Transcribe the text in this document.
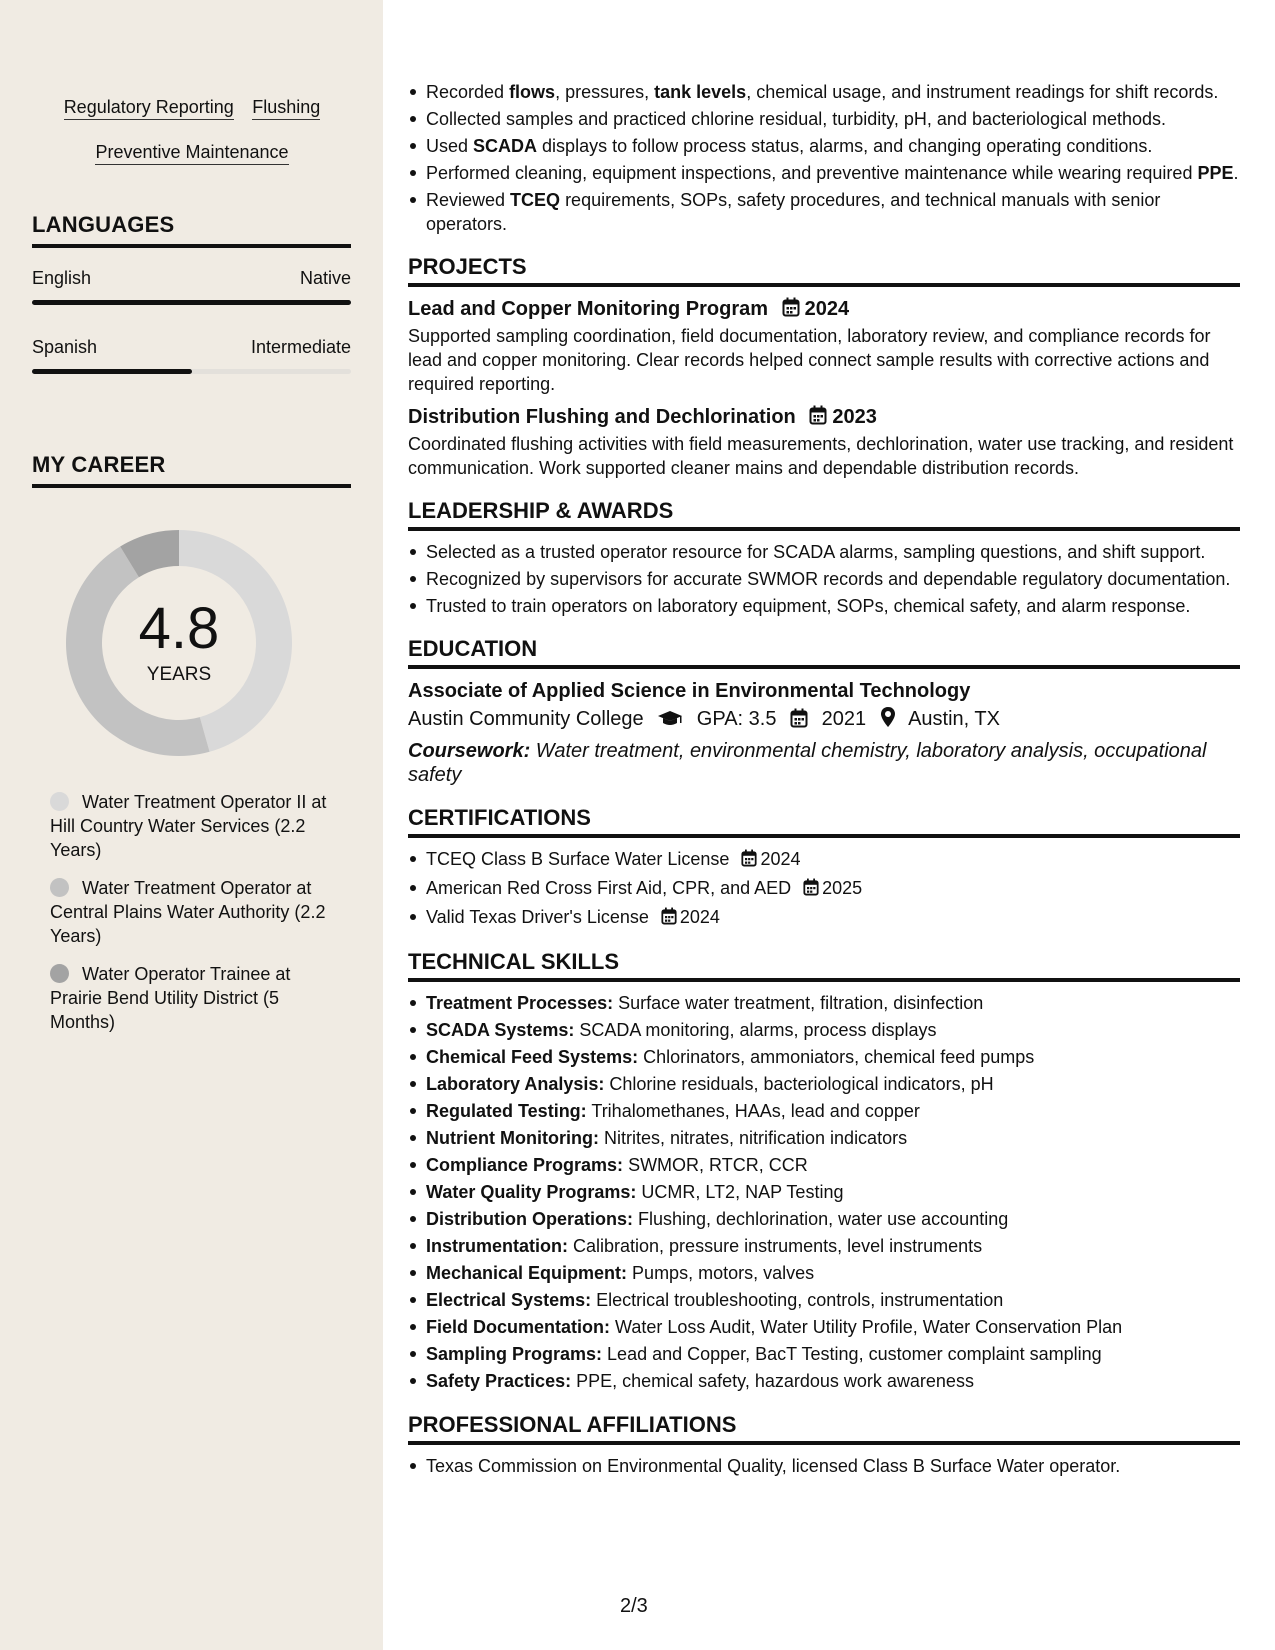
Regulatory Reporting Flushing
Preventive Maintenance
LANGUAGES
English	Native
Spanish	Intermediate
MY CAREER
4.8
YEARS
Water Treatment Operator II at Hill Country Water Services (2.2 Years)
Water Treatment Operator at Central Plains Water Authority (2.2 Years)
Water Operator Trainee at Prairie Bend Utility District (5 Months)
Recorded flows, pressures, tank levels, chemical usage, and instrument readings for shift records.
Collected samples and practiced chlorine residual, turbidity, pH, and bacteriological methods.
Used SCADA displays to follow process status, alarms, and changing operating conditions.
Performed cleaning, equipment inspections, and preventive maintenance while wearing required PPE.
Reviewed TCEQ requirements, SOPs, safety procedures, and technical manuals with senior operators.
PROJECTS
Lead and Copper Monitoring Program 2024
Supported sampling coordination, field documentation, laboratory review, and compliance records for lead and copper monitoring. Clear records helped connect sample results with corrective actions and required reporting.
Distribution Flushing and Dechlorination 2023
Coordinated flushing activities with field measurements, dechlorination, water use tracking, and resident communication. Work supported cleaner mains and dependable distribution records.
LEADERSHIP & AWARDS
Selected as a trusted operator resource for SCADA alarms, sampling questions, and shift support.
Recognized by supervisors for accurate SWMOR records and dependable regulatory documentation.
Trusted to train operators on laboratory equipment, SOPs, chemical safety, and alarm response.
EDUCATION
Associate of Applied Science in Environmental Technology
Austin Community College	GPA: 3.5 2021 Austin, TX
Coursework: Water treatment, environmental chemistry, laboratory analysis, occupational safety
CERTIFICATIONS
TCEQ Class B Surface Water License 2024
American Red Cross First Aid, CPR, and AED 2025
Valid Texas Driver's License 2024
TECHNICAL SKILLS
Treatment Processes: Surface water treatment, filtration, disinfection
SCADA Systems: SCADA monitoring, alarms, process displays
Chemical Feed Systems: Chlorinators, ammoniators, chemical feed pumps
Laboratory Analysis: Chlorine residuals, bacteriological indicators, pH
Regulated Testing: Trihalomethanes, HAAs, lead and copper
Nutrient Monitoring: Nitrites, nitrates, nitrification indicators
Compliance Programs: SWMOR, RTCR, CCR
Water Quality Programs: UCMR, LT2, NAP Testing
Distribution Operations: Flushing, dechlorination, water use accounting
Instrumentation: Calibration, pressure instruments, level instruments
Mechanical Equipment: Pumps, motors, valves
Electrical Systems: Electrical troubleshooting, controls, instrumentation
Field Documentation: Water Loss Audit, Water Utility Profile, Water Conservation Plan
Sampling Programs: Lead and Copper, BacT Testing, customer complaint sampling
Safety Practices: PPE, chemical safety, hazardous work awareness
PROFESSIONAL AFFILIATIONS
Texas Commission on Environmental Quality, licensed Class B Surface Water operator.
2/3
